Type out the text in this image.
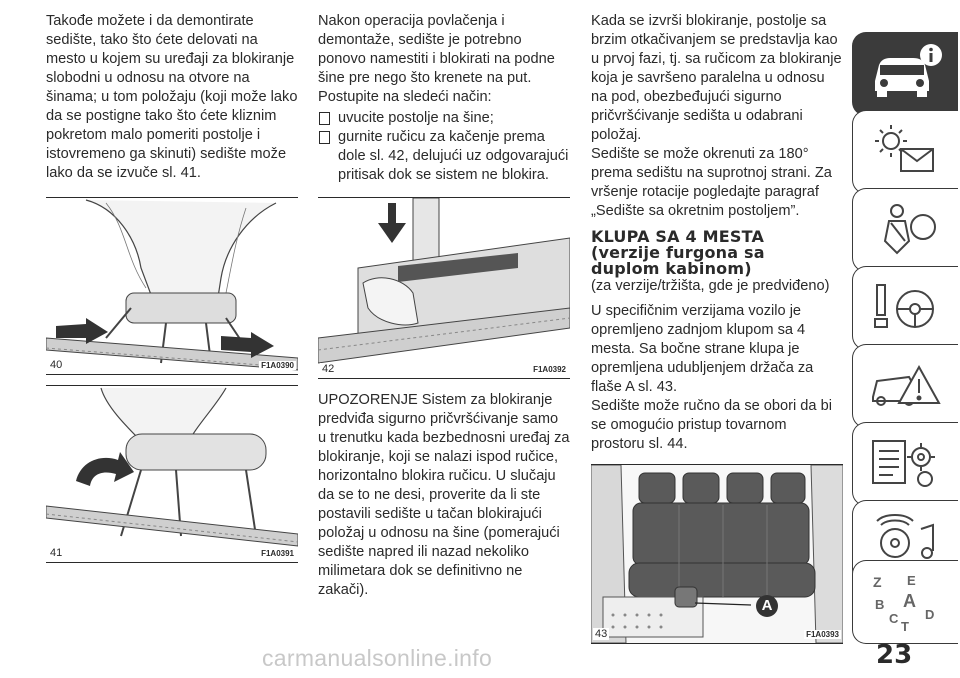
Takođe možete i da demontirate sedište, tako što ćete delovati na mesto u kojem su uređaji za blokiranje slobodni u odnosu na otvore na šinama; u tom položaju (koji može lako da se postigne tako što ćete kliznim pokretom malo pomeriti postolje i istovremeno ga skinuti) sedište može lako da se izvuče sl. 41.

40	F1A0390
41	F1A0391

Nakon operacija povlačenja i demontaže, sedište je potrebno ponovo namestiti i blokirati na podne šine pre nego što krenete na put. Postupite na sledeći način:

uvucite postolje na šine;
gurnite ručicu za kačenje prema dole sl. 42, delujući uz odgovarajući pritisak dok se sistem ne blokira.
42	F1A0392

UPOZORENJE Sistem za blokiranje predviđa sigurno pričvršćivanje samo u trenutku kada bezbednosni uređaj za blokiranje, koji se nalazi ispod ručice, horizontalno blokira ručicu. U slučaju da se to ne desi, proverite da li ste postavili sedište u tačan blokirajući položaj u odnosu na šine (pomerajući sedište napred ili nazad nekoliko milimetara dok se definitivno ne zakači).

Kada se izvrši blokiranje, postolje sa brzim otkačivanjem se predstavlja kao u prvoj fazi, tj. sa ručicom za blokiranje koja je savršeno paralelna u odnosu na pod, obezbeđujući sigurno pričvršćivanje sedišta u odabrani položaj.

Sedište se može okrenuti za 180° prema sedištu na suprotnoj strani. Za vršenje rotacije pogledajte paragraf „Sedište sa okretnim postoljem”.

KLUPA SA 4 MESTA
(verzije furgona sa
duplom kabinom)
(za verzije/tržišta, gde je predviđeno)

U specifičnim verzijama vozilo je opremljeno zadnjom klupom sa 4 mesta. Sa bočne strane klupa je opremljena udubljenjem držača za flaše A sl. 43.

Sedište može ručno da se obori da bi se omogućio pristup tovarnom prostoru sl. 44.

A
43	F1A0393
Z E
B A
C D
T
carmanualsonline.info	23
